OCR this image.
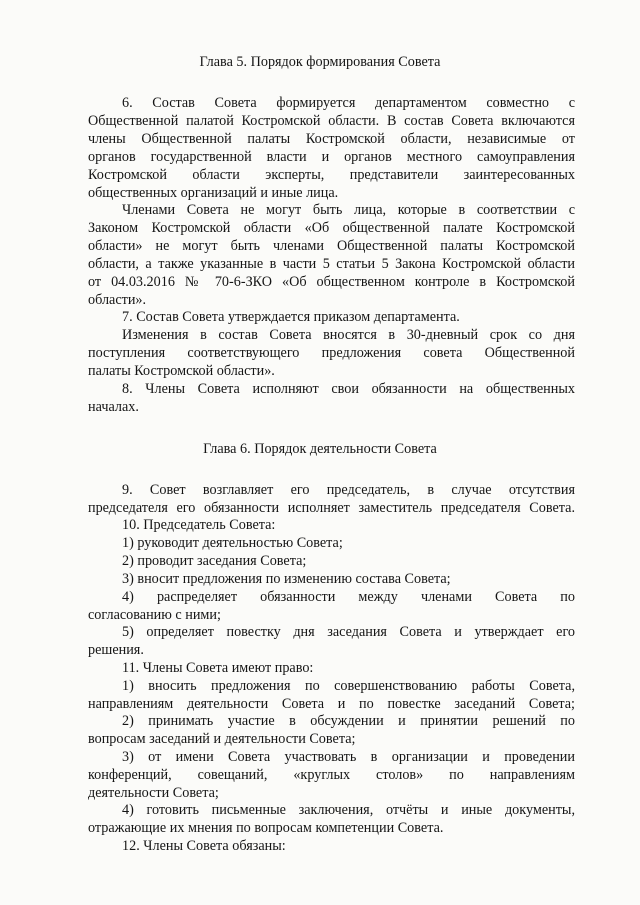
Глава 5. Порядок формирования Совета
6. Состав Совета формируется департаментом совместно с
Общественной палатой Костромской области. В состав Совета включаются
члены Общественной палаты Костромской области, независимые от
органов государственной власти и органов местного самоуправления
Костромской области эксперты, представители заинтересованных
общественных организаций и иные лица.
Членами Совета не могут быть лица, которые в соответствии с
Законом Костромской области «Об общественной палате Костромской
области» не могут быть членами Общественной палаты Костромской
области, а также указанные в части 5 статьи 5 Закона Костромской области
от 04.03.2016 № 70-6-ЗКО «Об общественном контроле в Костромской
области».
7. Состав Совета утверждается приказом департамента.
Изменения в состав Совета вносятся в 30-дневный срок со дня
поступления соответствующего предложения совета Общественной
палаты Костромской области».
8. Члены Совета исполняют свои обязанности на общественных
началах.
Глава 6. Порядок деятельности Совета
9. Совет возглавляет его председатель, в случае отсутствия
председателя его обязанности исполняет заместитель председателя Совета.
10. Председатель Совета:
1) руководит деятельностью Совета;
2) проводит заседания Совета;
3) вносит предложения по изменению состава Совета;
4) распределяет обязанности между членами Совета по
согласованию с ними;
5) определяет повестку дня заседания Совета и утверждает его
решения.
11. Члены Совета имеют право:
1) вносить предложения по совершенствованию работы Совета,
направлениям деятельности Совета и по повестке заседаний Совета;
2) принимать участие в обсуждении и принятии решений по
вопросам заседаний и деятельности Совета;
3) от имени Совета участвовать в организации и проведении
конференций, совещаний, «круглых столов» по направлениям
деятельности Совета;
4) готовить письменные заключения, отчёты и иные документы,
отражающие их мнения по вопросам компетенции Совета.
12. Члены Совета обязаны:
